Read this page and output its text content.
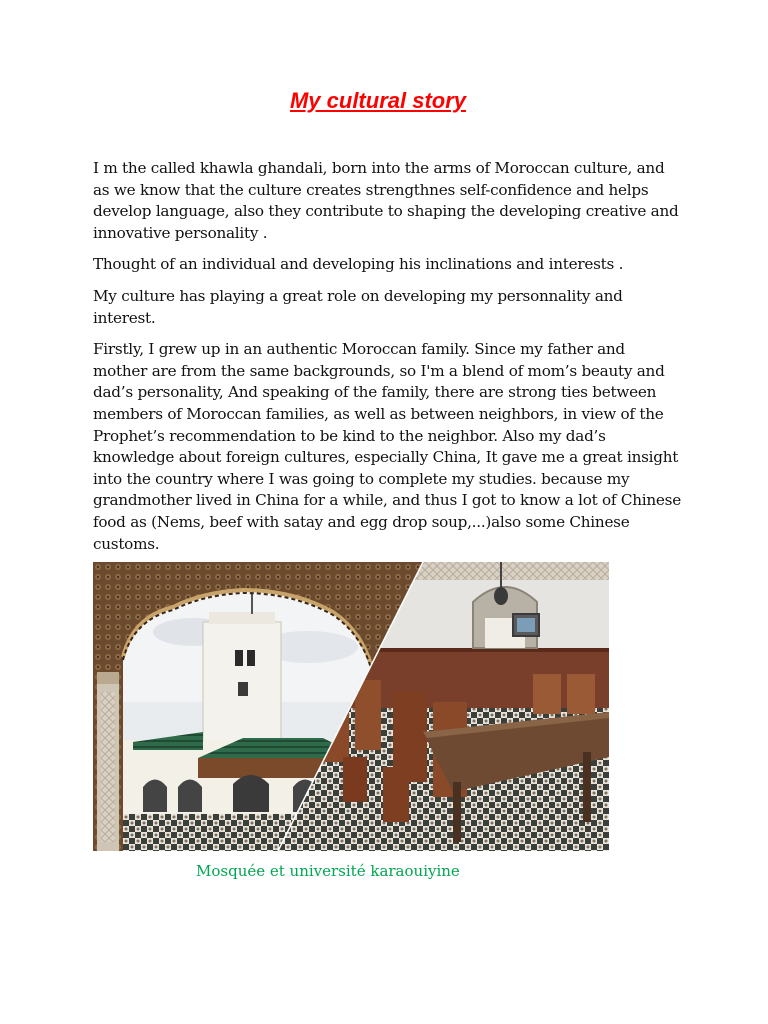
My cultural story

I m the called khawla ghandali, born into the arms of Moroccan culture, and as we know that the culture creates strengthnes self-confidence and helps develop language, also they contribute to shaping the developing creative and innovative personality .

Thought of an individual and developing his inclinations and interests .

My culture has playing a great role on developing my personnality and interest.

Firstly, I grew up in an authentic Moroccan family. Since my father and mother are from the same backgrounds, so I'm a blend of mom’s beauty and dad’s personality, And speaking of the family, there are strong ties between members of Moroccan families, as well as between neighbors, in view of the Prophet’s recommendation to be kind to the neighbor. Also my dad’s knowledge about foreign cultures, especially China, It gave me a great insight into the country where I was going to complete my studies. because my grandmother lived in China for a while, and thus I got to know a lot of Chinese food as (Nems, beef with satay and egg drop soup,...)also some Chinese customs.

Mosquée et université karaouiyine
